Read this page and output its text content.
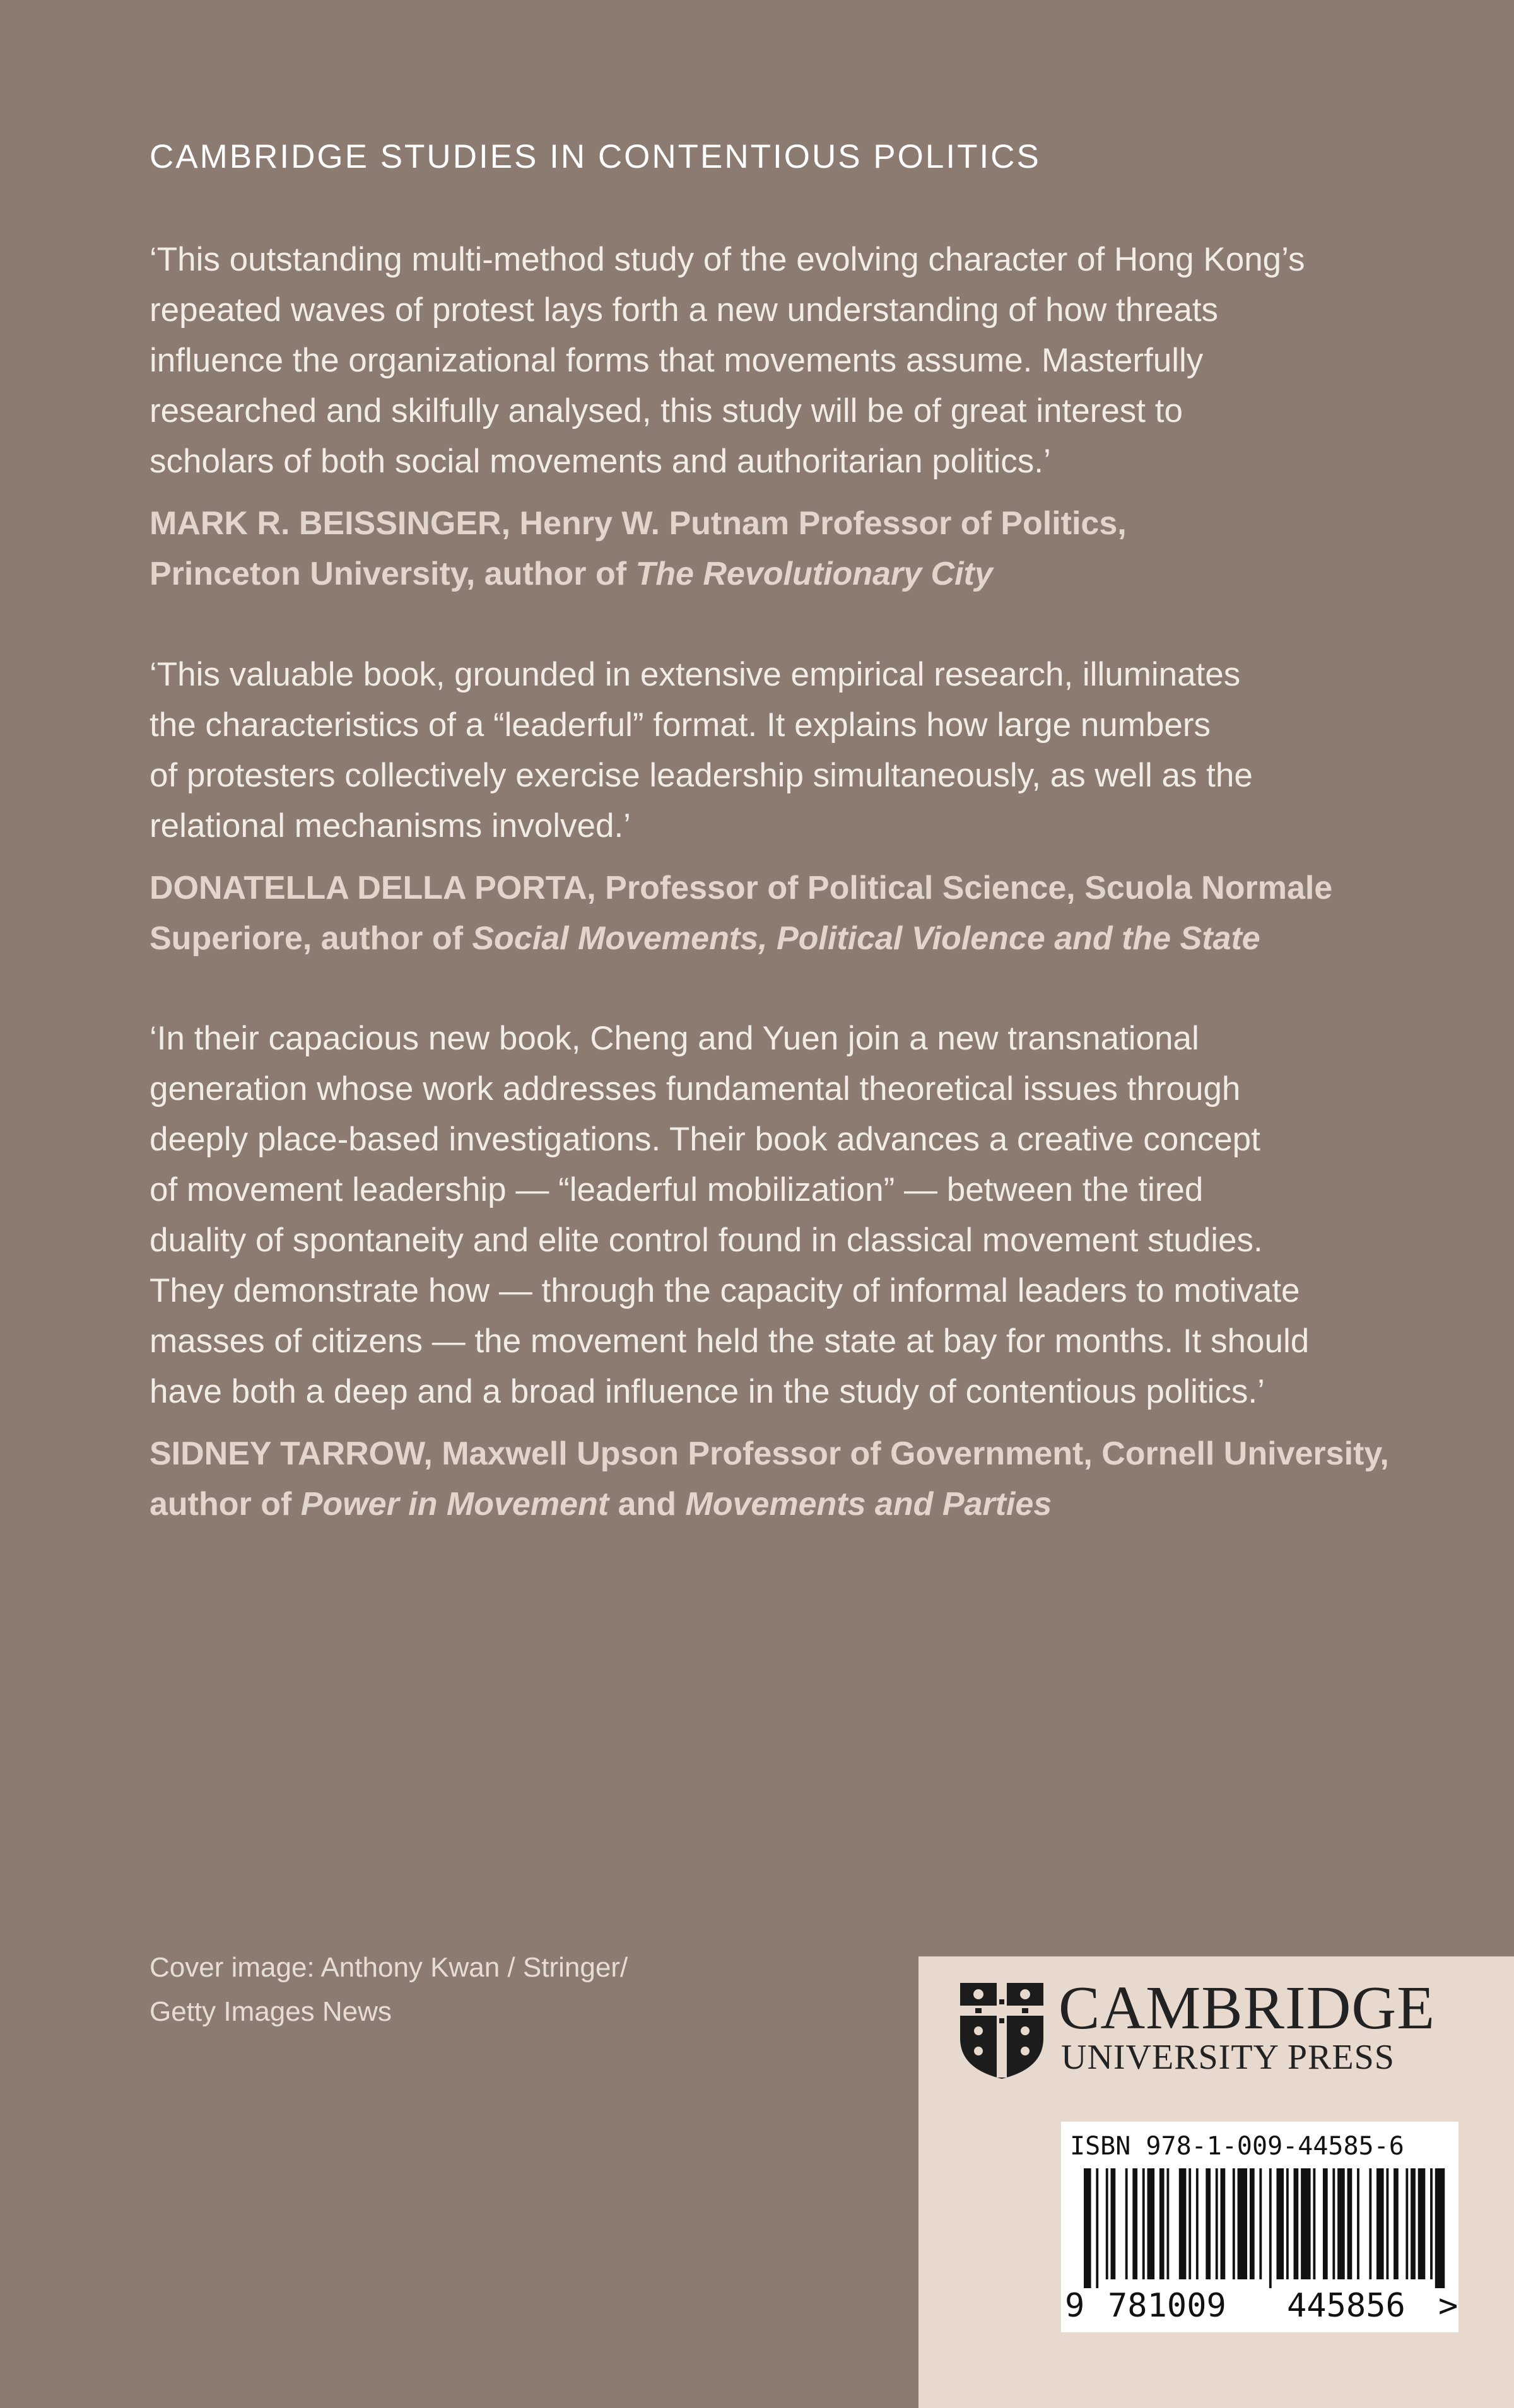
CAMBRIDGE STUDIES IN CONTENTIOUS POLITICS

‘This outstanding multi-method study of the evolving character of Hong Kong’s
repeated waves of protest lays forth a new understanding of how threats
influence the organizational forms that movements assume. Masterfully
researched and skilfully analysed, this study will be of great interest to
scholars of both social movements and authoritarian politics.’

MARK R. BEISSINGER, Henry W. Putnam Professor of Politics,
Princeton University, author of The Revolutionary City

‘This valuable book, grounded in extensive empirical research, illuminates
the characteristics of a “leaderful” format. It explains how large numbers
of protesters collectively exercise leadership simultaneously, as well as the
relational mechanisms involved.’

DONATELLA DELLA PORTA, Professor of Political Science, Scuola Normale
Superiore, author of Social Movements, Political Violence and the State

‘In their capacious new book, Cheng and Yuen join a new transnational
generation whose work addresses fundamental theoretical issues through
deeply place-based investigations. Their book advances a creative concept
of movement leadership — “leaderful mobilization” — between the tired
duality of spontaneity and elite control found in classical movement studies.
They demonstrate how — through the capacity of informal leaders to motivate
masses of citizens — the movement held the state at bay for months. It should
have both a deep and a broad influence in the study of contentious politics.’

SIDNEY TARROW, Maxwell Upson Professor of Government, Cornell University,
author of Power in Movement and Movements and Parties

Cover image: Anthony Kwan / Stringer/
Getty Images News	CAMBRIDGE

UNIVERSITY PRESS

ISBN 978-1-009-44585-6

9 781009 445856 >
